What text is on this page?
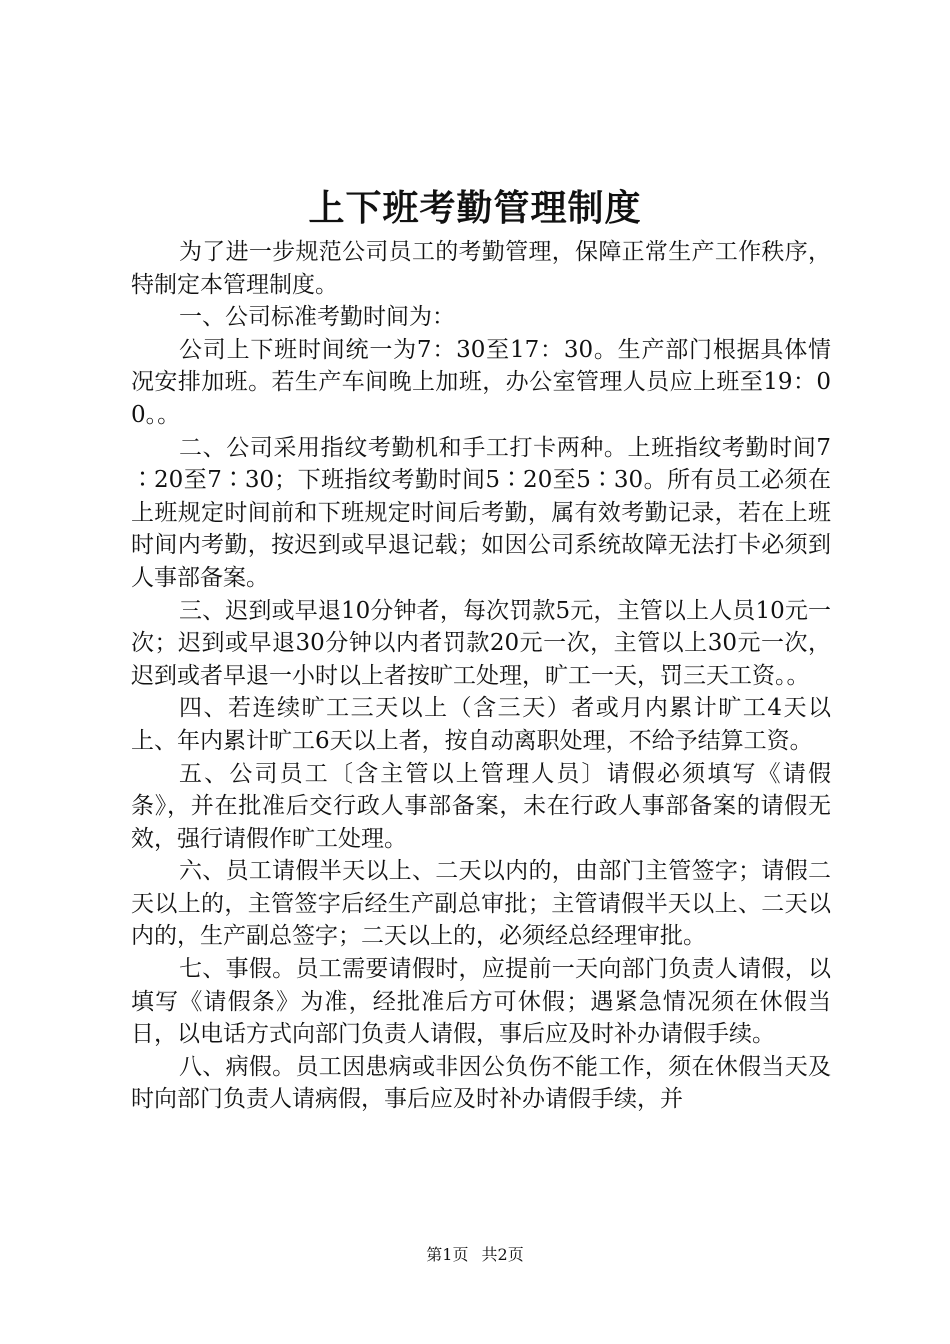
上下班考勤管理制度

为了进一步规范公司员工的考勤管理，保障正常生产工作秩序，特制定本管理制度。

一、公司标准考勤时间为：

公司上下班时间统一为7：30至17：30。生产部门根据具体情况安排加班。若生产车间晚上加班，办公室管理人员应上班至19：00。。

二、公司采用指纹考勤机和手工打卡两种。上班指纹考勤时间7∶20至7∶30；下班指纹考勤时间5∶20至5∶30。所有员工必须在上班规定时间前和下班规定时间后考勤，属有效考勤记录，若在上班时间内考勤，按迟到或早退记载；如因公司系统故障无法打卡必须到人事部备案。

三、迟到或早退10分钟者，每次罚款5元，主管以上人员10元一次；迟到或早退30分钟以内者罚款20元一次，主管以上30元一次，迟到或者早退一小时以上者按旷工处理，旷工一天，罚三天工资。。

四、若连续旷工三天以上（含三天）者或月内累计旷工4天以上、年内累计旷工6天以上者，按自动离职处理，不给予结算工资。

五、公司员工〔含主管以上管理人员〕请假必须填写《请假条》，并在批准后交行政人事部备案，未在行政人事部备案的请假无效，强行请假作旷工处理。

六、员工请假半天以上、二天以内的，由部门主管签字；请假二天以上的，主管签字后经生产副总审批；主管请假半天以上、二天以内的，生产副总签字；二天以上的，必须经总经理审批。

七、事假。员工需要请假时，应提前一天向部门负责人请假，以填写《请假条》为准，经批准后方可休假；遇紧急情况须在休假当日，以电话方式向部门负责人请假，事后应及时补办请假手续。

八、病假。员工因患病或非因公负伤不能工作，须在休假当天及时向部门负责人请病假，事后应及时补办请假手续，并

第1页 共2页
